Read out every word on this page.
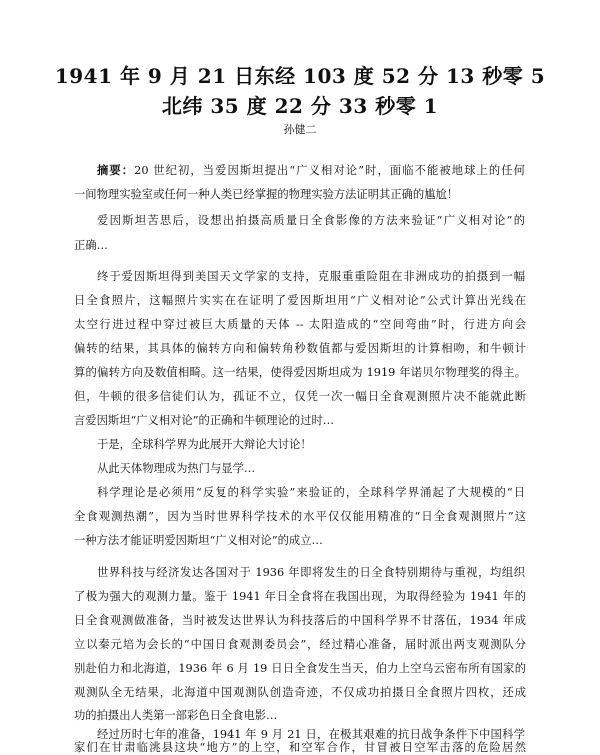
1941 年 9 月 21 日东经 103 度 52 分 13 秒零 5
北纬 35 度 22 分 33 秒零 1
孙健二
摘要：20 世纪初，当爱因斯坦提出“广义相对论”时，面临不能被地球上的任何
一间物理实验室或任何一种人类已经掌握的物理实验方法证明其正确的尴尬！
爱因斯坦苦思后，设想出拍摄高质量日全食影像的方法来验证“广义相对论”的
正确…
终于爱因斯坦得到美国天文学家的支持，克服重重险阻在非洲成功的拍摄到一幅
日全食照片，这幅照片实实在在证明了爱因斯坦用“广义相对论”公式计算出光线在
太空行进过程中穿过被巨大质量的天体 -- 太阳造成的“空间弯曲”时，行进方向会
偏转的结果，其具体的偏转方向和偏转角秒数值都与爱因斯坦的计算相吻，和牛顿计
算的偏转方向及数值相畸。这一结果，使得爱因斯坦成为 1919 年诺贝尔物理奖的得主。
但，牛顿的很多信徒们认为，孤证不立，仅凭一次一幅日全食观测照片决不能就此断
言爱因斯坦“广义相对论”的正确和牛顿理论的过时…
于是，全球科学界为此展开大辩论大讨论！
从此天体物理成为热门与显学…
科学理论是必须用“反复的科学实验”来验证的，全球科学界涌起了大规模的“日
全食观测热潮”，因为当时世界科学技术的水平仅仅能用精准的“日全食观测照片”这
一种方法才能证明爱因斯坦“广义相对论”的成立…
世界科技与经济发达各国对于 1936 年即将发生的日全食特别期待与重视，均组织
了极为强大的观测力量。鉴于 1941 年日全食将在我国出现，为取得经验为 1941 年的
日全食观测做准备，当时被发达世界认为科技落后的中国科学界不甘落伍，1934 年成
立以秦元培为会长的“中国日食观测委员会”，经过精心准备，届时派出两支观测队分
别赴伯力和北海道，1936 年 6 月 19 日日全食发生当天，伯力上空乌云密布所有国家的
观测队全无结果，北海道中国观测队创造奇迹，不仅成功拍摄日全食照片四枚，还成
功的拍摄出人类第一部彩色日全食电影…
经过历时七年的准备，1941 年 9 月 21 日，在极其艰难的抗日战争条件下中国科学
家们在甘肃临洮县这块“地方”的上空，和空军合作，甘冒被日空军击落的危险居然
